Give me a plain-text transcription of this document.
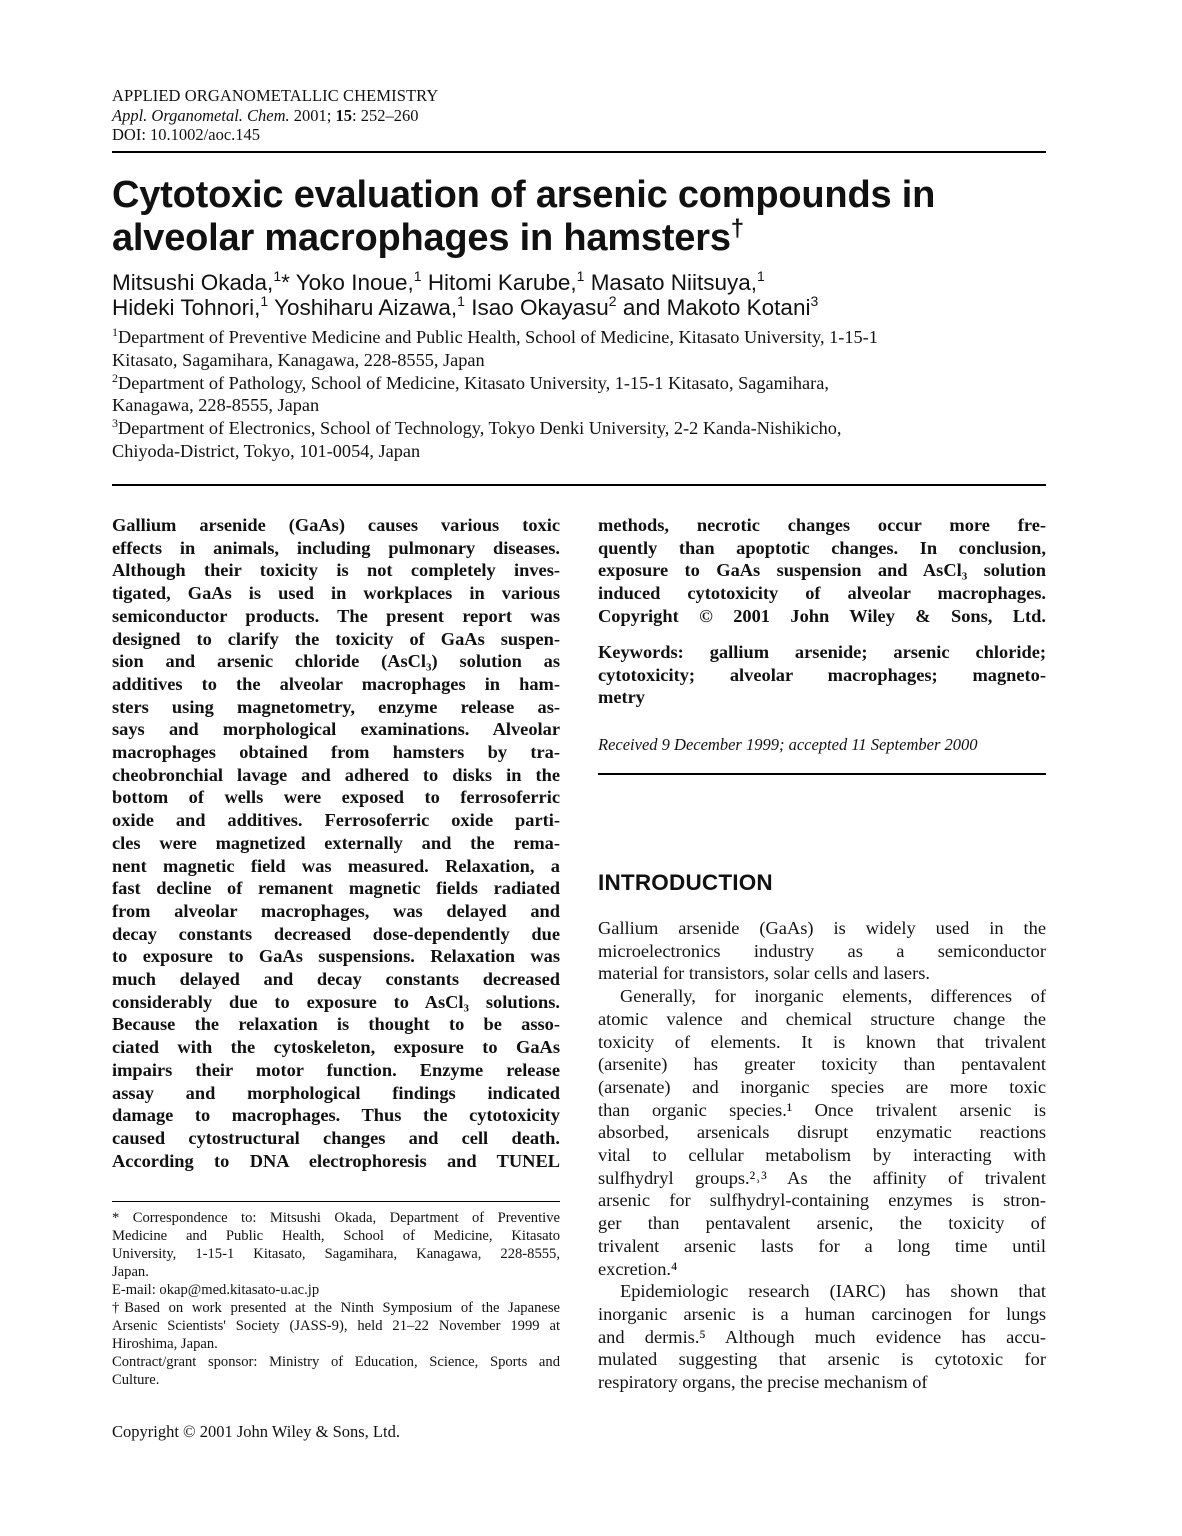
APPLIED ORGANOMETALLIC CHEMISTRY
Appl. Organometal. Chem. 2001; 15: 252–260
DOI: 10.1002/aoc.145
Cytotoxic evaluation of arsenic compounds in
alveolar macrophages in hamsters†
Mitsushi Okada,$^1$* Yoko Inoue,$^1$ Hitomi Karube,$^1$ Masato Niitsuya,$^1$
Hideki Tohnori,$^1$ Yoshiharu Aizawa,$^1$ Isao Okayasu$^2$ and Makoto Kotani$^3$
$^1$Department of Preventive Medicine and Public Health, School of Medicine, Kitasato University, 1-15-1
Kitasato, Sagamihara, Kanagawa, 228-8555, Japan
$^2$Department of Pathology, School of Medicine, Kitasato University, 1-15-1 Kitasato, Sagamihara,
Kanagawa, 228-8555, Japan
$^3$Department of Electronics, School of Technology, Tokyo Denki University, 2-2 Kanda-Nishikicho,
Chiyoda-District, Tokyo, 101-0054, Japan
Gallium arsenide (GaAs) causes various toxic
effects in animals, including pulmonary diseases.
Although their toxicity is not completely inves-
tigated, GaAs is used in workplaces in various
semiconductor products. The present report was
designed to clarify the toxicity of GaAs suspen-
sion and arsenic chloride (AsCl₃) solution as
additives to the alveolar macrophages in ham-
sters using magnetometry, enzyme release as-
says and morphological examinations. Alveolar
macrophages obtained from hamsters by tra-
cheobronchial lavage and adhered to disks in the
bottom of wells were exposed to ferrosoferric
oxide and additives. Ferrosoferric oxide parti-
cles were magnetized externally and the rema-
nent magnetic field was measured. Relaxation, a
fast decline of remanent magnetic fields radiated
from alveolar macrophages, was delayed and
decay constants decreased dose-dependently due
to exposure to GaAs suspensions. Relaxation was
much delayed and decay constants decreased
considerably due to exposure to AsCl₃ solutions.
Because the relaxation is thought to be asso-
ciated with the cytoskeleton, exposure to GaAs
impairs their motor function. Enzyme release
assay and morphological findings indicated
damage to macrophages. Thus the cytotoxicity
caused cytostructural changes and cell death.
According to DNA electrophoresis and TUNEL
methods, necrotic changes occur more fre-
quently than apoptotic changes. In conclusion,
exposure to GaAs suspension and AsCl₃ solution
induced cytotoxicity of alveolar macrophages.
Copyright © 2001 John Wiley & Sons, Ltd.
Keywords: gallium arsenide; arsenic chloride;
cytotoxicity; alveolar macrophages; magneto-
metry
Received 9 December 1999; accepted 11 September 2000
INTRODUCTION
Gallium arsenide (GaAs) is widely used in the
microelectronics industry as a semiconductor
material for transistors, solar cells and lasers.
Generally, for inorganic elements, differences of
atomic valence and chemical structure change the
toxicity of elements. It is known that trivalent
(arsenite) has greater toxicity than pentavalent
(arsenate) and inorganic species are more toxic
than organic species.¹ Once trivalent arsenic is
absorbed, arsenicals disrupt enzymatic reactions
vital to cellular metabolism by interacting with
sulfhydryl groups.²˒³ As the affinity of trivalent
arsenic for sulfhydryl-containing enzymes is stron-
ger than pentavalent arsenic, the toxicity of
trivalent arsenic lasts for a long time until
excretion.⁴
Epidemiologic research (IARC) has shown that
inorganic arsenic is a human carcinogen for lungs
and dermis.⁵ Although much evidence has accu-
mulated suggesting that arsenic is cytotoxic for
respiratory organs, the precise mechanism of
* Correspondence to: Mitsushi Okada, Department of Preventive
Medicine and Public Health, School of Medicine, Kitasato
University, 1-15-1 Kitasato, Sagamihara, Kanagawa, 228-8555,
Japan.
E-mail: okap@med.kitasato-u.ac.jp
†Based on work presented at the Ninth Symposium of the Japanese
Arsenic Scientists' Society (JASS-9), held 21–22 November 1999 at
Hiroshima, Japan.
Contract/grant sponsor: Ministry of Education, Science, Sports and
Culture.
Copyright © 2001 John Wiley & Sons, Ltd.
